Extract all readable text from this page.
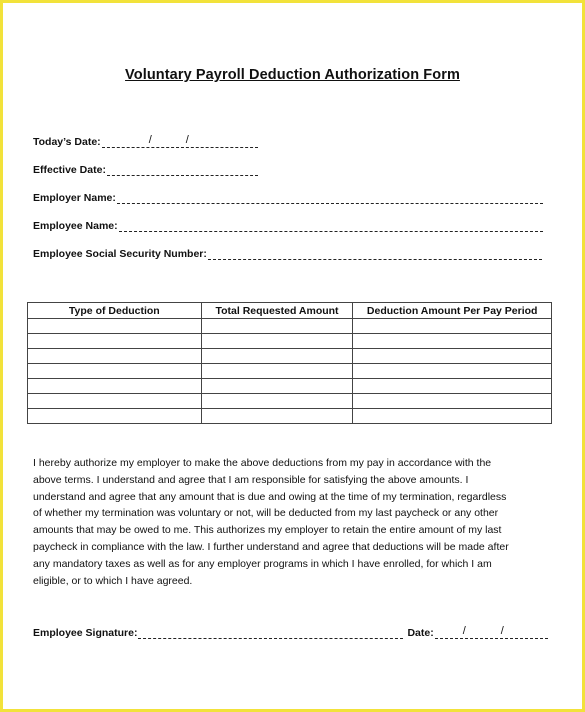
Voluntary Payroll Deduction Authorization Form
Today’s Date:	/	/
Effective Date:
Employer Name:
Employee Name:
Employee Social Security Number:
Type of Deduction	Total Requested Amount	Deduction Amount Per Pay Period

I hereby authorize my employer to make the above deductions from my pay in accordance with the
above terms. I understand and agree that I am responsible for satisfying the above amounts. I
understand and agree that any amount that is due and owing at the time of my termination, regardless
of whether my termination was voluntary or not, will be deducted from my last paycheck or any other
amounts that may be owed to me. This authorizes my employer to retain the entire amount of my last
paycheck in compliance with the law. I further understand and agree that deductions will be made after
any mandatory taxes as well as for any employer programs in which I have enrolled, for which I am
eligible, or to which I have agreed.
Employee Signature:	Date:	/	/
